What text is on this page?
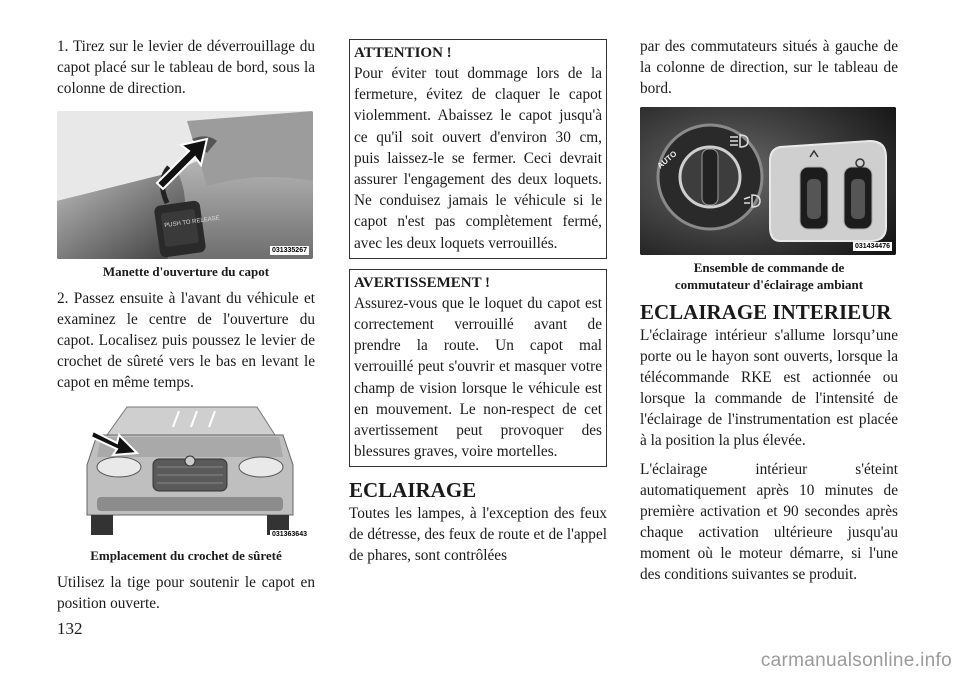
1. Tirez sur le levier de déverrouillage du capot placé sur le tableau de bord, sous la colonne de direction.

PUSH TO RELEASE
031335267
Manette d'ouverture du capot

2. Passez ensuite à l'avant du véhicule et examinez le centre de l'ouverture du capot. Localisez puis poussez le levier de crochet de sûreté vers le bas en levant le capot en même temps.

031363643
Emplacement du crochet de sûreté

Utilisez la tige pour soutenir le capot en position ouverte.

ATTENTION !

Pour éviter tout dommage lors de la fermeture, évitez de claquer le capot violemment. Abaissez le capot jusqu'à ce qu'il soit ouvert d'environ 30 cm, puis laissez-le se fermer. Ceci devrait assurer l'engagement des deux loquets. Ne conduisez jamais le véhicule si le capot n'est pas complètement fermé, avec les deux loquets verrouillés.

AVERTISSEMENT !

Assurez-vous que le loquet du capot est correctement verrouillé avant de prendre la route. Un capot mal verrouillé peut s'ouvrir et masquer votre champ de vision lorsque le véhicule est en mouvement. Le non-respect de cet avertissement peut provoquer des blessures graves, voire mortelles.

ECLAIRAGE

Toutes les lampes, à l'exception des feux de détresse, des feux de route et de l'appel de phares, sont contrôlées

par des commutateurs situés à gauche de la colonne de direction, sur le tableau de bord.

AUTO
031434476
Ensemble de commande de
commutateur d'éclairage ambiant
ECLAIRAGE INTERIEUR

L'éclairage intérieur s'allume lorsqu’une porte ou le hayon sont ouverts, lorsque la télécommande RKE est actionnée ou lorsque la commande de l'intensité de l'éclairage de l'instrumentation est placée à la position la plus élevée.

L'éclairage intérieur s'éteint automatiquement après 10 minutes de première activation et 90 secondes après chaque activation ultérieure jusqu'au moment où le moteur démarre, si l'une des conditions suivantes se produit.

132
carmanualsonline.info
